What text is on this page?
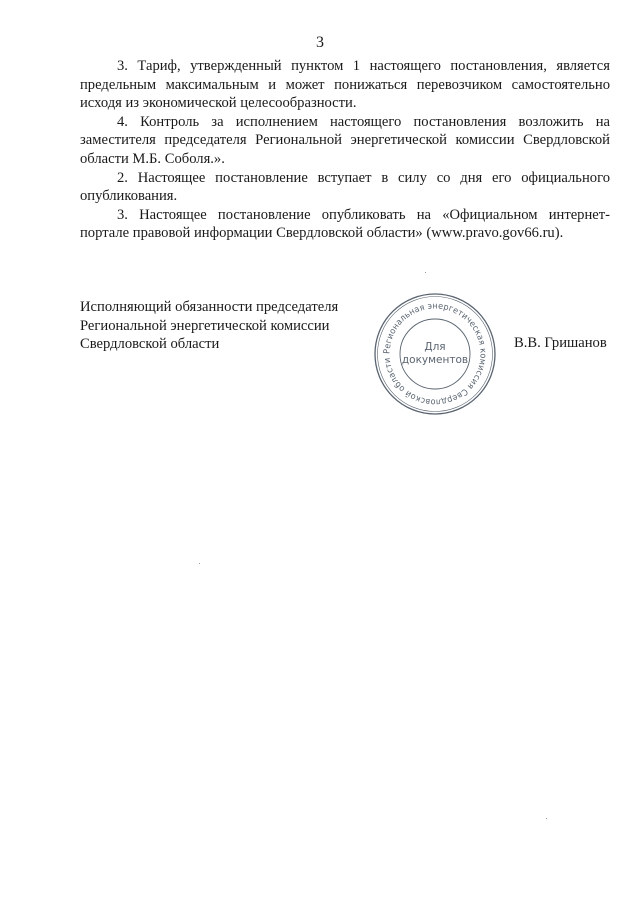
3

3. Тариф, утвержденный пунктом 1 настоящего постановления, является предельным максимальным и может понижаться перевозчиком самостоятельно исходя из экономической целесообразности.

4. Контроль за исполнением настоящего постановления возложить на заместителя председателя Региональной энергетической комиссии Свердловской области М.Б. Соболя.».

2. Настоящее постановление вступает в силу со дня его официального опубликования.

3. Настоящее постановление опубликовать на «Официальном интернет-портале правовой информации Свердловской области» (www.pravo.gov66.ru).

Исполняющий обязанности председателя
Региональной энергетической комиссии
Свердловской области	В.В. Гришанов
Региональная энергетическая комиссия Свердловской области
Для
документов
